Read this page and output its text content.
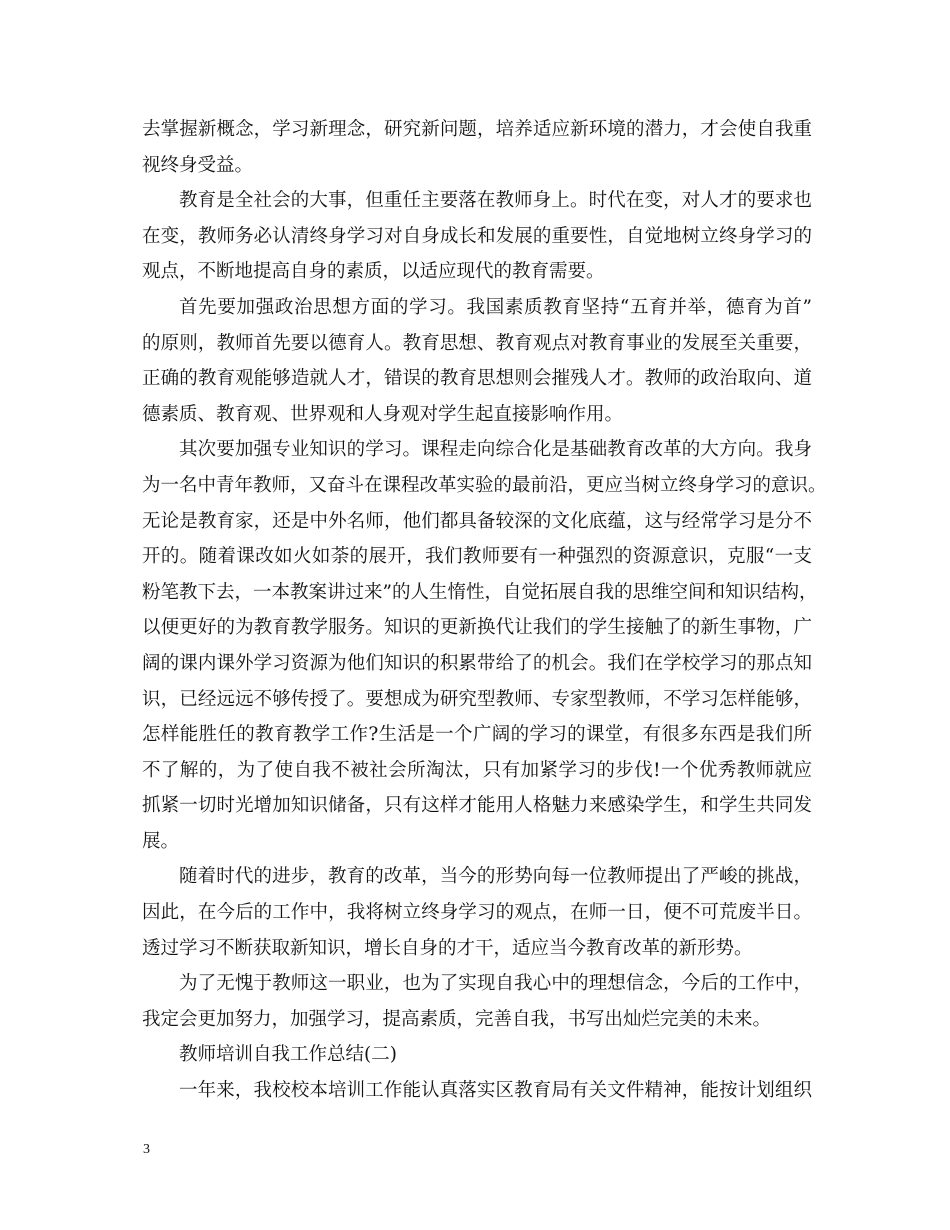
去掌握新概念，学习新理念，研究新问题，培养适应新环境的潜力，才会使自我重
视终身受益。
教育是全社会的大事，但重任主要落在教师身上。时代在变，对人才的要求也
在变，教师务必认清终身学习对自身成长和发展的重要性，自觉地树立终身学习的
观点，不断地提高自身的素质，以适应现代的教育需要。
首先要加强政治思想方面的学习。我国素质教育坚持“五育并举，德育为首”
的原则，教师首先要以德育人。教育思想、教育观点对教育事业的发展至关重要，
正确的教育观能够造就人才，错误的教育思想则会摧残人才。教师的政治取向、道
德素质、教育观、世界观和人身观对学生起直接影响作用。
其次要加强专业知识的学习。课程走向综合化是基础教育改革的大方向。我身
为一名中青年教师，又奋斗在课程改革实验的最前沿，更应当树立终身学习的意识。
无论是教育家，还是中外名师，他们都具备较深的文化底蕴，这与经常学习是分不
开的。随着课改如火如荼的展开，我们教师要有一种强烈的资源意识，克服“一支
粉笔教下去，一本教案讲过来”的人生惰性，自觉拓展自我的思维空间和知识结构，
以便更好的为教育教学服务。知识的更新换代让我们的学生接触了的新生事物，广
阔的课内课外学习资源为他们知识的积累带给了的机会。我们在学校学习的那点知
识，已经远远不够传授了。要想成为研究型教师、专家型教师，不学习怎样能够，
怎样能胜任的教育教学工作?生活是一个广阔的学习的课堂，有很多东西是我们所
不了解的，为了使自我不被社会所淘汰，只有加紧学习的步伐!一个优秀教师就应
抓紧一切时光增加知识储备，只有这样才能用人格魅力来感染学生，和学生共同发
展。
随着时代的进步，教育的改革，当今的形势向每一位教师提出了严峻的挑战，
因此，在今后的工作中，我将树立终身学习的观点，在师一日，便不可荒废半日。
透过学习不断获取新知识，增长自身的才干，适应当今教育改革的新形势。
为了无愧于教师这一职业，也为了实现自我心中的理想信念，今后的工作中，
我定会更加努力，加强学习，提高素质，完善自我，书写出灿烂完美的未来。
教师培训自我工作总结(二)
一年来，我校校本培训工作能认真落实区教育局有关文件精神，能按计划组织
3
